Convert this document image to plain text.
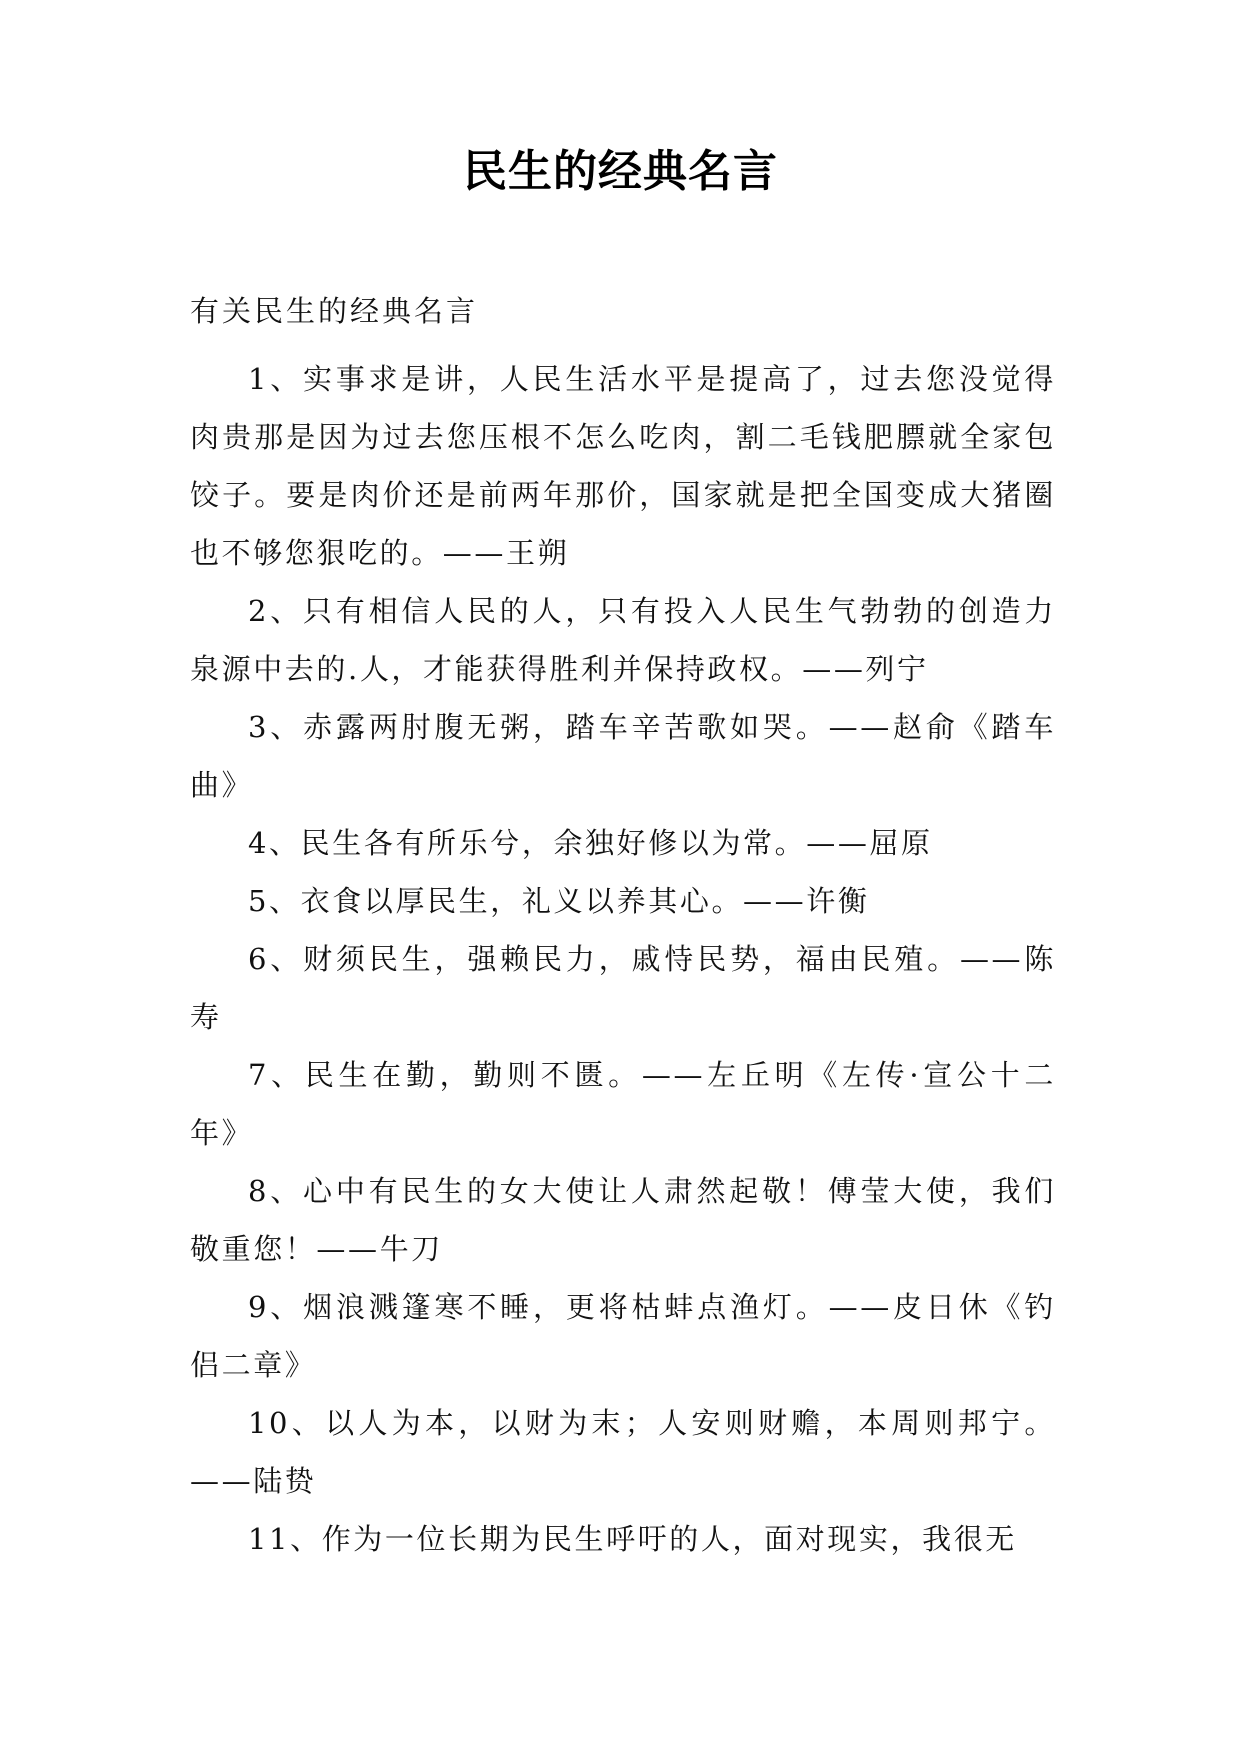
民生的经典名言
有关民生的经典名言

1、实事求是讲，人民生活水平是提高了，过去您没觉得肉贵那是因为过去您压根不怎么吃肉，割二毛钱肥膘就全家包饺子。要是肉价还是前两年那价，国家就是把全国变成大猪圈也不够您狠吃的。——王朔

2、只有相信人民的人，只有投入人民生气勃勃的创造力泉源中去的.人，才能获得胜利并保持政权。——列宁

3、赤露两肘腹无粥，踏车辛苦歌如哭。——赵俞《踏车曲》

4、民生各有所乐兮，余独好修以为常。——屈原

5、衣食以厚民生，礼义以养其心。——许衡

6、财须民生，强赖民力，戚恃民势，福由民殖。——陈寿

7、民生在勤，勤则不匮。——左丘明《左传·宣公十二年》

8、心中有民生的女大使让人肃然起敬！傅莹大使，我们敬重您！——牛刀

9、烟浪溅篷寒不睡，更将枯蚌点渔灯。——皮日休《钓侣二章》

10、以人为本，以财为末；人安则财赡，本周则邦宁。——陆贽

11、作为一位长期为民生呼吁的人，面对现实，我很无
